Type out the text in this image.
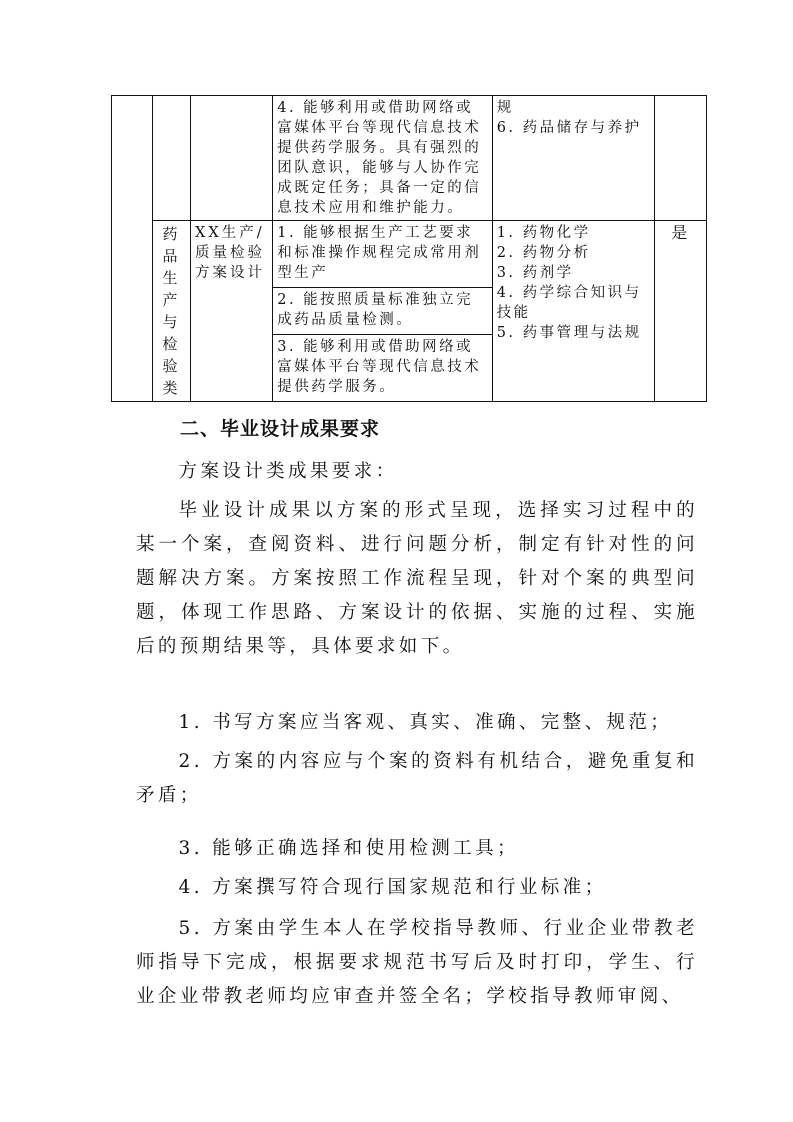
			4. 能够利用或借助网络或富媒体平台等现代信息技术提供药学服务。具有强烈的团队意识，能够与人协作完成既定任务；具备一定的信息技术应用和维护能力。	规
6. 药品储存与养护	

	药品生产与检验类	XX生产/质量检验方案设计	1. 能够根据生产工艺要求和标准操作规程完成常用剂型生产	1. 药物化学
2. 药物分析
3. 药剂学
4. 药学综合知识与技能
5. 药事管理与法规	是
			2. 能按照质量标准独立完成药品质量检测。		
			3. 能够利用或借助网络或富媒体平台等现代信息技术提供药学服务。		
二、毕业设计成果要求
方案设计类成果要求：
毕业设计成果以方案的形式呈现，选择实习过程中的某一个案，查阅资料、进行问题分析，制定有针对性的问题解决方案。方案按照工作流程呈现，针对个案的典型问题，体现工作思路、方案设计的依据、实施的过程、实施后的预期结果等，具体要求如下。
1. 书写方案应当客观、真实、准确、完整、规范；
2. 方案的内容应与个案的资料有机结合，避免重复和矛盾；
3. 能够正确选择和使用检测工具；
4. 方案撰写符合现行国家规范和行业标准；
5. 方案由学生本人在学校指导教师、行业企业带教老师指导下完成，根据要求规范书写后及时打印，学生、行业企业带教老师均应审查并签全名；学校指导教师审阅、
